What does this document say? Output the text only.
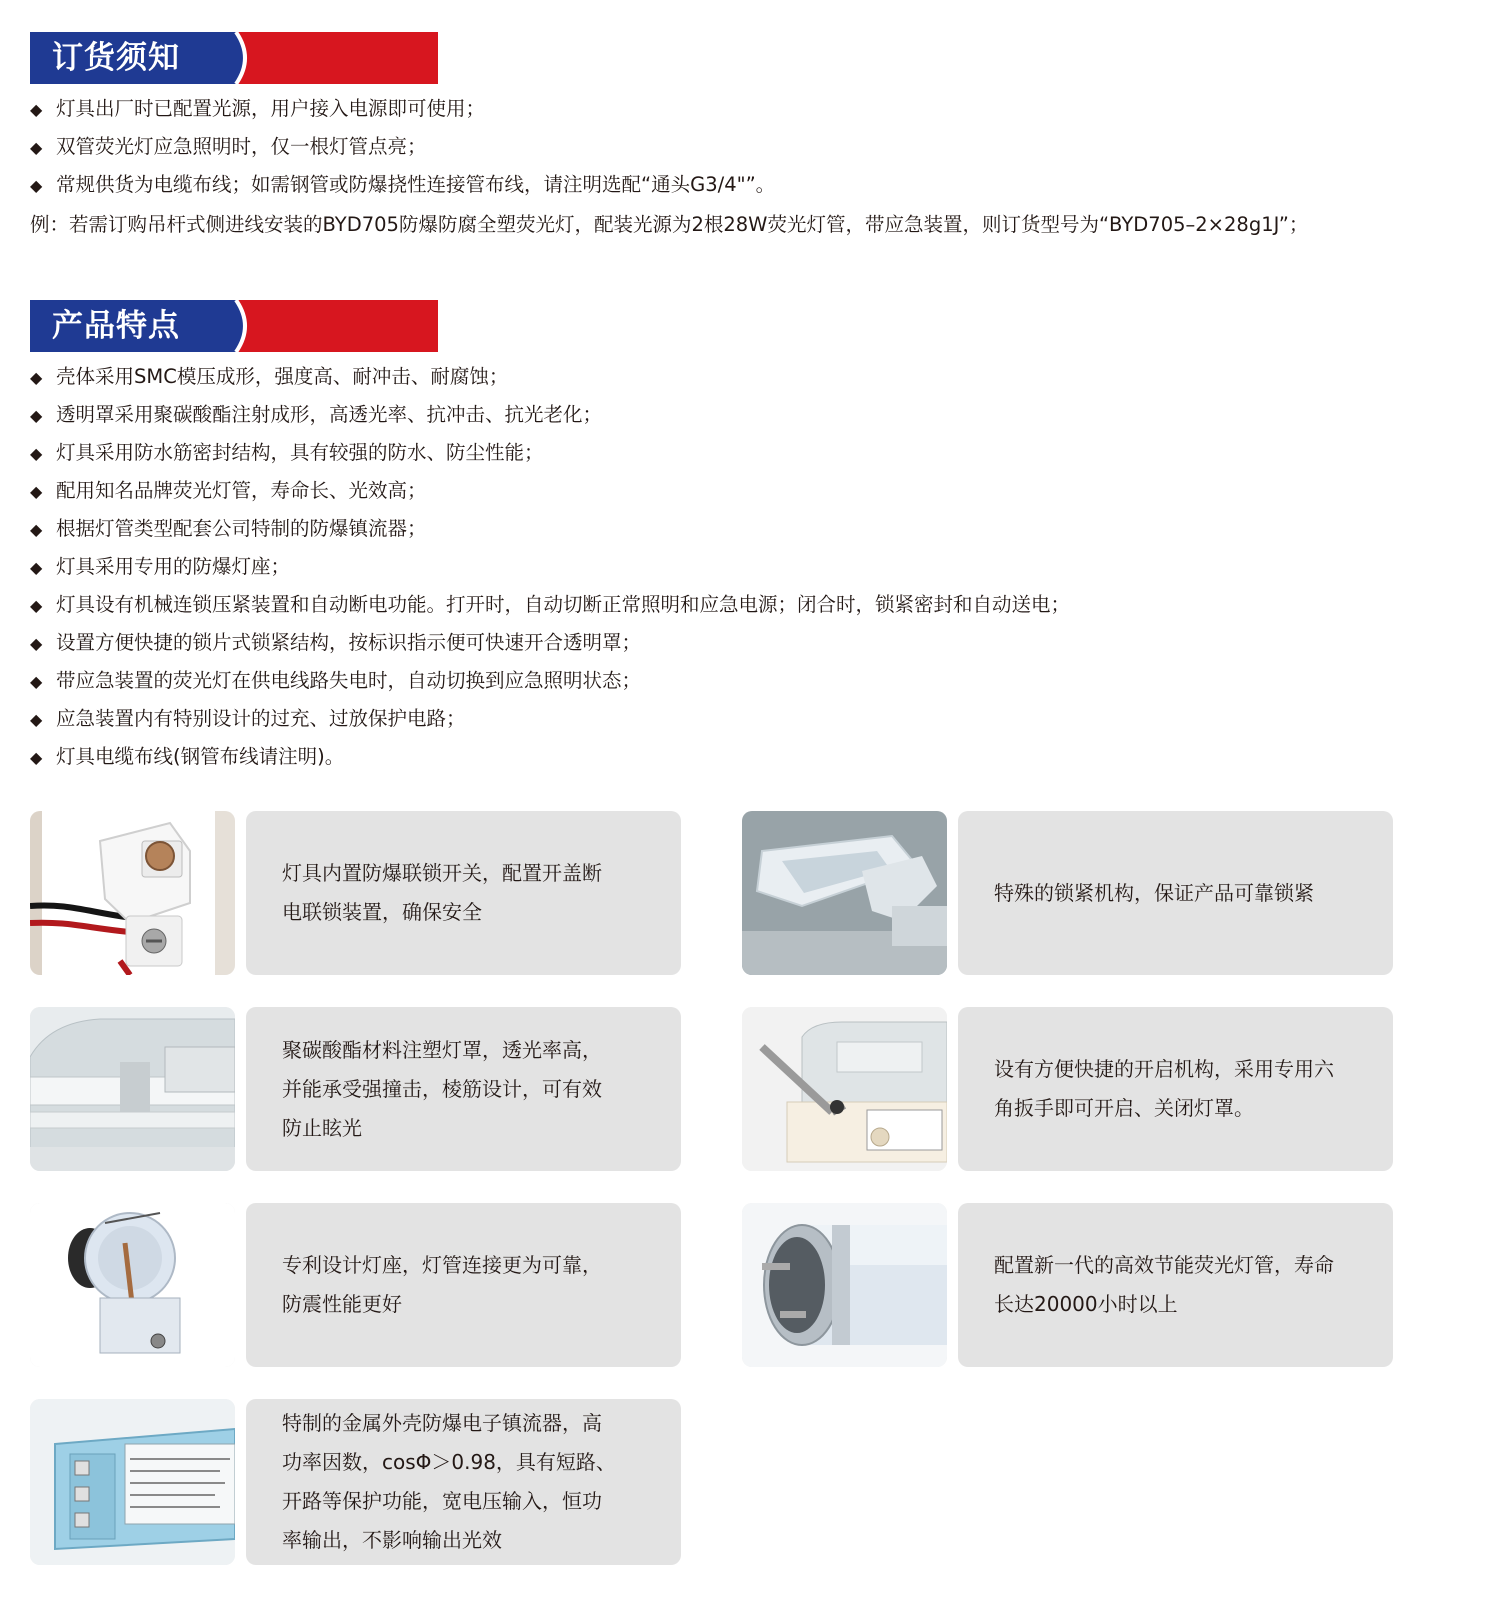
订货须知
◆ 灯具出厂时已配置光源，用户接入电源即可使用；
◆ 双管荧光灯应急照明时，仅一根灯管点亮；
◆ 常规供货为电缆布线；如需钢管或防爆挠性连接管布线，请注明选配“通头G3/4"”。
例：若需订购吊杆式侧进线安装的BYD705防爆防腐全塑荧光灯，配装光源为2根28W荧光灯管，带应急装置，则订货型号为“BYD705–2×28g1J”；
产品特点
◆ 壳体采用SMC模压成形，强度高、耐冲击、耐腐蚀；
◆ 透明罩采用聚碳酸酯注射成形，高透光率、抗冲击、抗光老化；
◆ 灯具采用防水筋密封结构，具有较强的防水、防尘性能；
◆ 配用知名品牌荧光灯管，寿命长、光效高；
◆ 根据灯管类型配套公司特制的防爆镇流器；
◆ 灯具采用专用的防爆灯座；
◆ 灯具设有机械连锁压紧装置和自动断电功能。打开时，自动切断正常照明和应急电源；闭合时，锁紧密封和自动送电；
◆ 设置方便快捷的锁片式锁紧结构，按标识指示便可快速开合透明罩；
◆ 带应急装置的荧光灯在供电线路失电时，自动切换到应急照明状态；
◆ 应急装置内有特别设计的过充、过放保护电路；
◆ 灯具电缆布线(钢管布线请注明)。
灯具内置防爆联锁开关，配置开盖断
电联锁装置，确保安全
特殊的锁紧机构，保证产品可靠锁紧
聚碳酸酯材料注塑灯罩，透光率高，
并能承受强撞击，棱筋设计，可有效
防止眩光
设有方便快捷的开启机构，采用专用六
角扳手即可开启、关闭灯罩。
专利设计灯座，灯管连接更为可靠，
防震性能更好
配置新一代的高效节能荧光灯管，寿命
长达20000小时以上
特制的金属外壳防爆电子镇流器，高
功率因数，cosΦ＞0.98，具有短路、
开路等保护功能，宽电压输入，恒功
率输出，不影响输出光效
